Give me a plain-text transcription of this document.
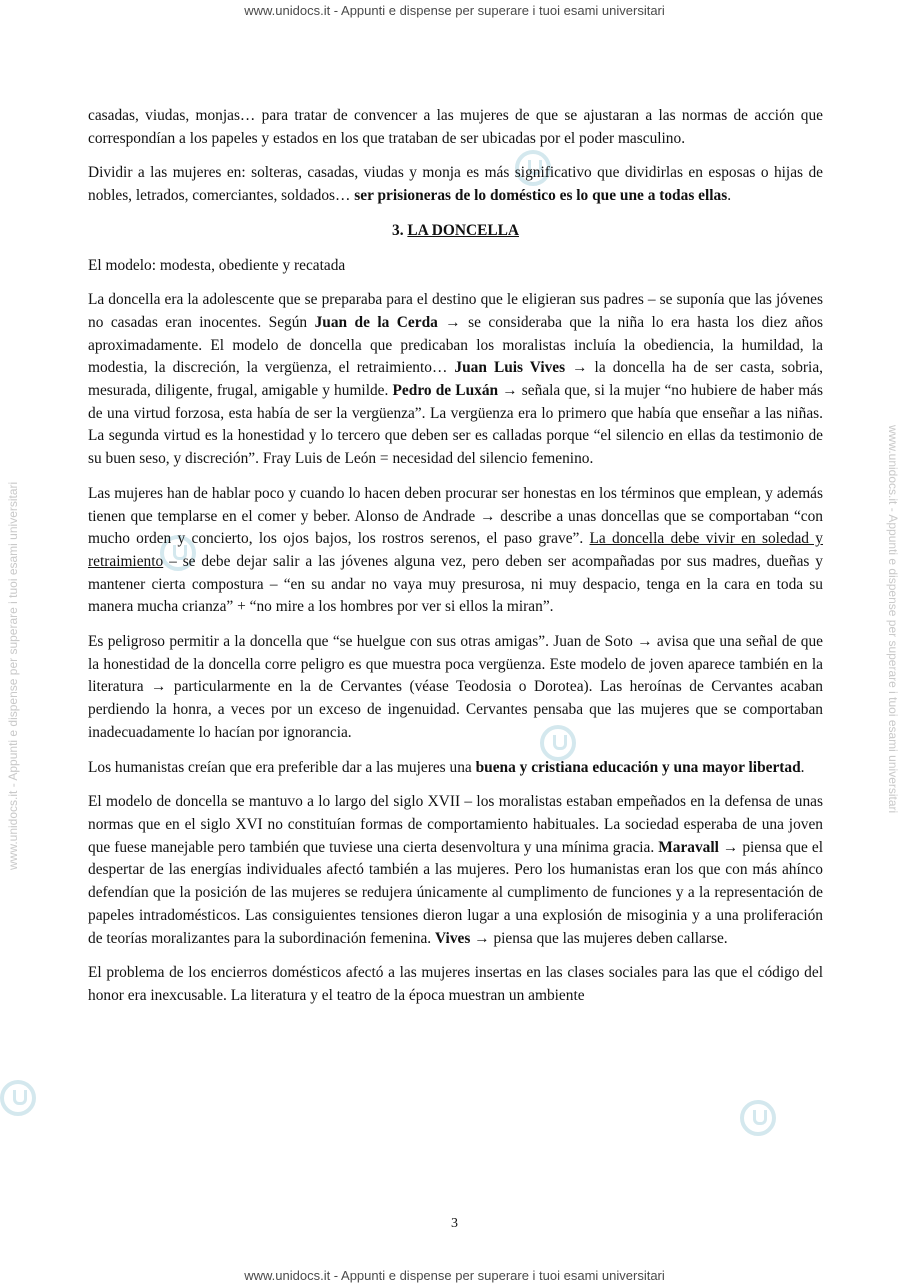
www.unidocs.it - Appunti e dispense per superare i tuoi esami universitari
www.unidocs.it - Appunti e dispense per superare i tuoi esami universitari
www.unidocs.it - Appunti e dispense per superare i tuoi esami universitari	www.unidocs.it - Appunti e dispense per superare i tuoi esami universitari

casadas, viudas, monjas… para tratar de convencer a las mujeres de que se ajustaran a las normas de acción que correspondían a los papeles y estados en los que trataban de ser ubicadas por el poder masculino.

Dividir a las mujeres en: solteras, casadas, viudas y monja es más significativo que dividirlas en esposas o hijas de nobles, letrados, comerciantes, soldados… ser prisioneras de lo doméstico es lo que une a todas ellas.

3. LA DONCELLA

El modelo: modesta, obediente y recatada

La doncella era la adolescente que se preparaba para el destino que le eligieran sus padres – se suponía que las jóvenes no casadas eran inocentes. Según Juan de la Cerda → se consideraba que la niña lo era hasta los diez años aproximadamente. El modelo de doncella que predicaban los moralistas incluía la obediencia, la humildad, la modestia, la discreción, la vergüenza, el retraimiento… Juan Luis Vives → la doncella ha de ser casta, sobria, mesurada, diligente, frugal, amigable y humilde. Pedro de Luxán → señala que, si la mujer “no hubiere de haber más de una virtud forzosa, esta había de ser la vergüenza”. La vergüenza era lo primero que había que enseñar a las niñas. La segunda virtud es la honestidad y lo tercero que deben ser es calladas porque “el silencio en ellas da testimonio de su buen seso, y discreción”. Fray Luis de León = necesidad del silencio femenino.

Las mujeres han de hablar poco y cuando lo hacen deben procurar ser honestas en los términos que emplean, y además tienen que templarse en el comer y beber. Alonso de Andrade → describe a unas doncellas que se comportaban “con mucho orden y concierto, los ojos bajos, los rostros serenos, el paso grave”. La doncella debe vivir en soledad y retraimiento – se debe dejar salir a las jóvenes alguna vez, pero deben ser acompañadas por sus madres, dueñas y mantener cierta compostura – “en su andar no vaya muy presurosa, ni muy despacio, tenga en la cara en toda su manera mucha crianza” + “no mire a los hombres por ver si ellos la miran”.

Es peligroso permitir a la doncella que “se huelgue con sus otras amigas”. Juan de Soto → avisa que una señal de que la honestidad de la doncella corre peligro es que muestra poca vergüenza. Este modelo de joven aparece también en la literatura → particularmente en la de Cervantes (véase Teodosia o Dorotea). Las heroínas de Cervantes acaban perdiendo la honra, a veces por un exceso de ingenuidad. Cervantes pensaba que las mujeres que se comportaban inadecuadamente lo hacían por ignorancia.

Los humanistas creían que era preferible dar a las mujeres una buena y cristiana educación y una mayor libertad.

El modelo de doncella se mantuvo a lo largo del siglo XVII – los moralistas estaban empeñados en la defensa de unas normas que en el siglo XVI no constituían formas de comportamiento habituales. La sociedad esperaba de una joven que fuese manejable pero también que tuviese una cierta desenvoltura y una mínima gracia. Maravall → piensa que el despertar de las energías individuales afectó también a las mujeres. Pero los humanistas eran los que con más ahínco defendían que la posición de las mujeres se redujera únicamente al cumplimento de funciones y a la representación de papeles intradomésticos. Las consiguientes tensiones dieron lugar a una explosión de misoginia y a una proliferación de teorías moralizantes para la subordinación femenina. Vives → piensa que las mujeres deben callarse.

El problema de los encierros domésticos afectó a las mujeres insertas en las clases sociales para las que el código del honor era inexcusable. La literatura y el teatro de la época muestran un ambiente

3
